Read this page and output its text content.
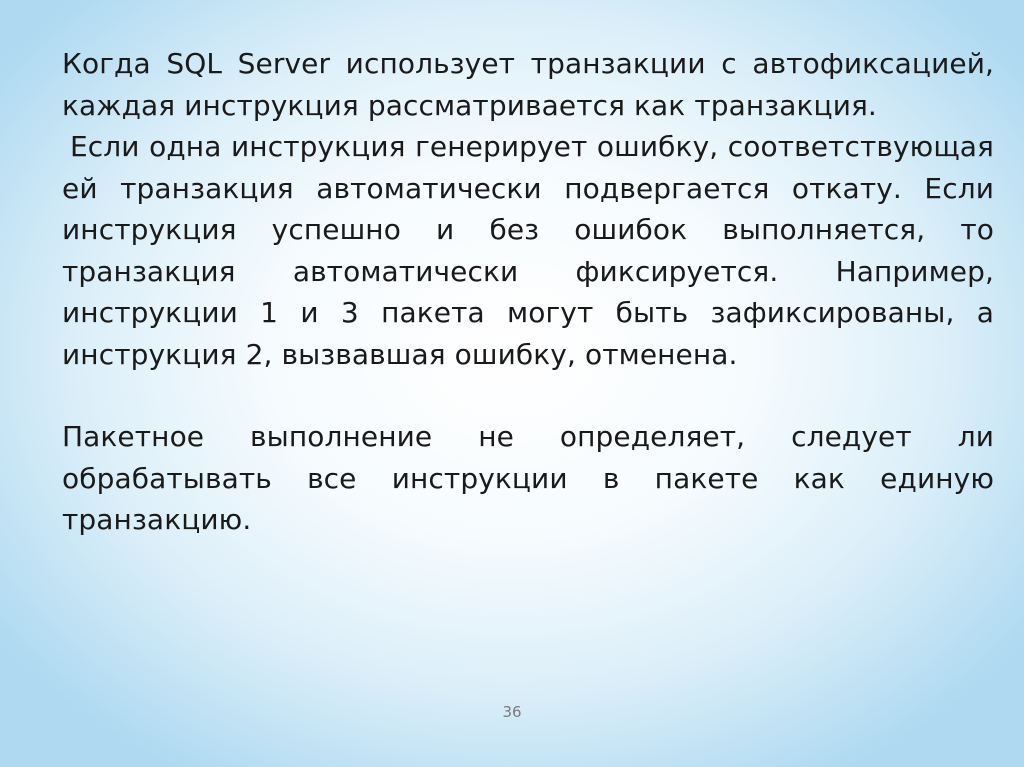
Когда SQL Server использует транзакции с автофиксацией, каждая инструкция рассматривается как транзакция.

Если одна инструкция генерирует ошибку, соответствующая ей транзакция автоматически подвергается откату. Если инструкция успешно и без ошибок выполняется, то транзакция автоматически фиксируется. Например, инструкции 1 и 3 пакета могут быть зафиксированы, а инструкция 2, вызвавшая ошибку, отменена.

Пакетное выполнение не определяет, следует ли обрабатывать все инструкции в пакете как единую транзакцию.

36
